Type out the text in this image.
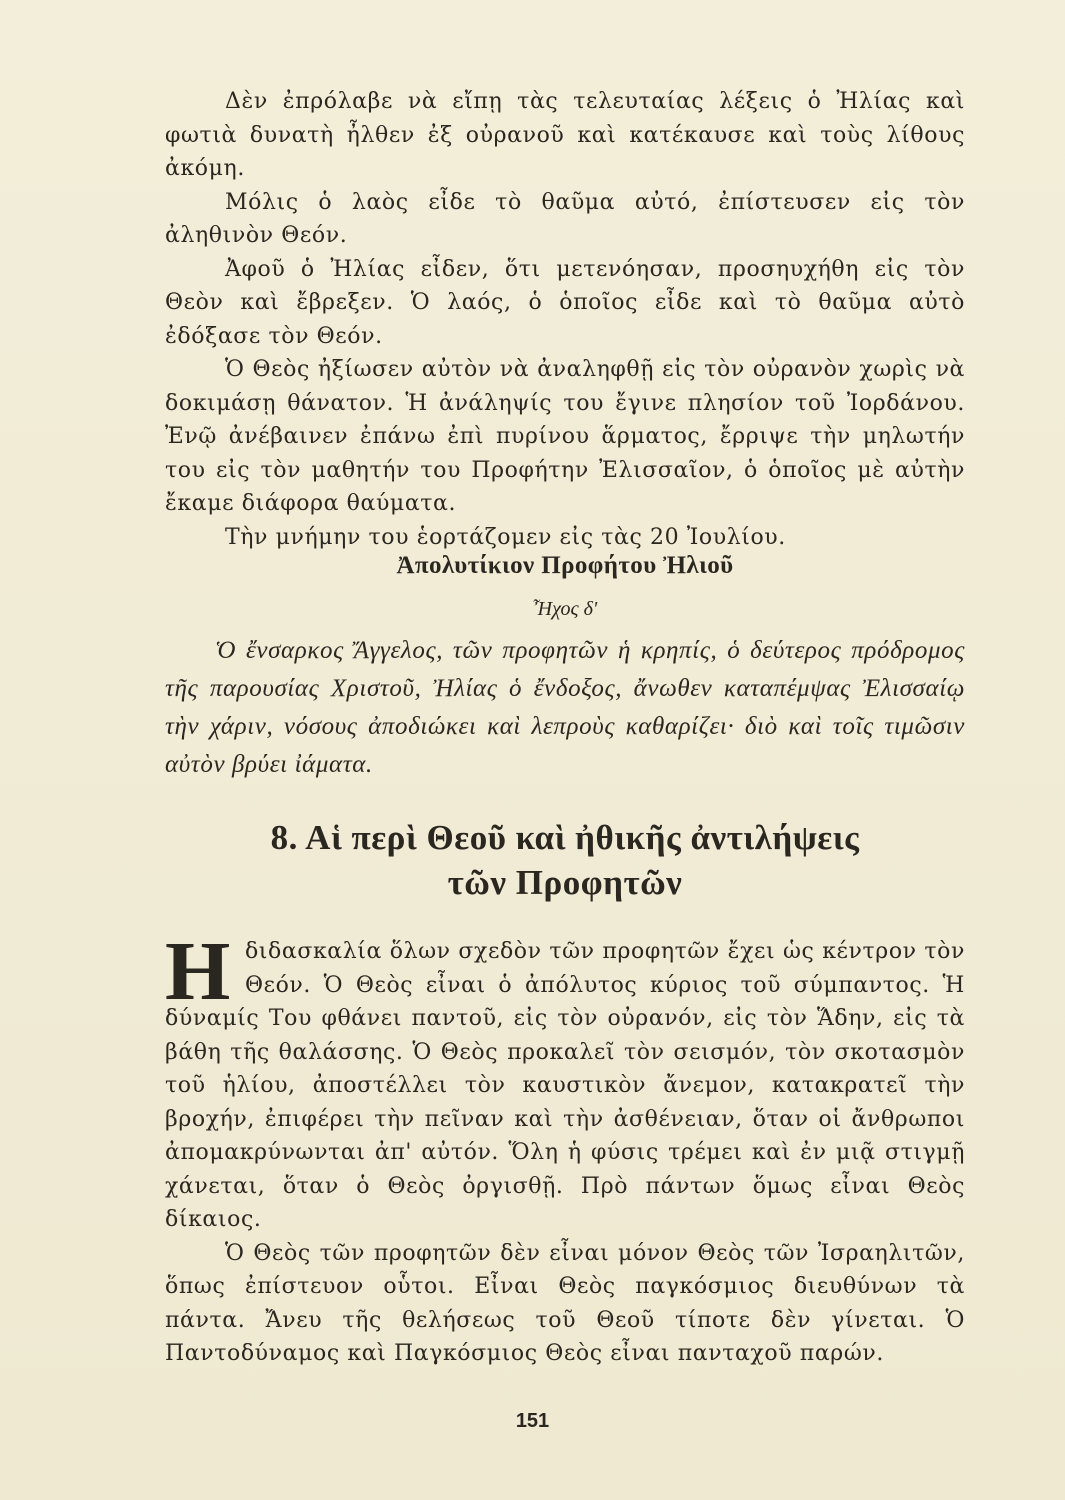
Δὲν ἐπρόλαβε νὰ εἴπῃ τὰς τελευταίας λέξεις ὁ Ἠλίας καὶ φωτιὰ δυνατὴ ἦλθεν ἐξ οὐρανοῦ καὶ κατέκαυσε καὶ τοὺς λίθους ἀκόμη.

Μόλις ὁ λαὸς εἶδε τὸ θαῦμα αὐτό, ἐπίστευσεν εἰς τὸν ἀληθινὸν Θεόν.

Ἀφοῦ ὁ Ἠλίας εἶδεν, ὅτι μετενόησαν, προσηυχήθη εἰς τὸν Θεὸν καὶ ἔβρεξεν. Ὁ λαός, ὁ ὁποῖος εἶδε καὶ τὸ θαῦμα αὐτὸ ἐδόξασε τὸν Θεόν.

Ὁ Θεὸς ἠξίωσεν αὐτὸν νὰ ἀναληφθῇ εἰς τὸν οὐρανὸν χωρὶς νὰ δοκιμάσῃ θάνατον. Ἡ ἀνάληψίς του ἔγινε πλησίον τοῦ Ἰορδάνου. Ἐνῷ ἀνέβαινεν ἐπάνω ἐπὶ πυρίνου ἅρματος, ἔρριψε τὴν μηλωτήν του εἰς τὸν μαθητήν του Προφήτην Ἐλισσαῖον, ὁ ὁποῖος μὲ αὐτὴν ἔκαμε διάφορα θαύματα.

Τὴν μνήμην του ἑορτάζομεν εἰς τὰς 20 Ἰουλίου.

Ἀπολυτίκιον Προφήτου Ἠλιοῦ
Ἦχος δ'

Ὁ ἔνσαρκος Ἄγγελος, τῶν προφητῶν ἡ κρηπίς, ὁ δεύτερος πρόδρομος τῆς παρουσίας Χριστοῦ, Ἠλίας ὁ ἔνδοξος, ἄνωθεν καταπέμψας Ἐλισσαίῳ τὴν χάριν, νόσους ἀποδιώκει καὶ λεπροὺς καθαρίζει· διὸ καὶ τοῖς τιμῶσιν αὐτὸν βρύει ἰάματα.

8. Αἱ περὶ Θεοῦ καὶ ἠθικῆς ἀντιλήψεις
τῶν Προφητῶν

Η διδασκαλία ὅλων σχεδὸν τῶν προφητῶν ἔχει ὡς κέντρον τὸν Θεόν. Ὁ Θεὸς εἶναι ὁ ἀπόλυτος κύριος τοῦ σύμπαντος. Ἡ δύναμίς Του φθάνει παντοῦ, εἰς τὸν οὐρανόν, εἰς τὸν Ἅδην, εἰς τὰ βάθη τῆς θαλάσσης. Ὁ Θεὸς προκαλεῖ τὸν σεισμόν, τὸν σκοτασμὸν τοῦ ἡλίου, ἀποστέλλει τὸν καυστικὸν ἄνεμον, κατακρατεῖ τὴν βροχήν, ἐπιφέρει τὴν πεῖναν καὶ τὴν ἀσθένειαν, ὅταν οἱ ἄνθρωποι ἀπομακρύνωνται ἀπ' αὐτόν. Ὅλη ἡ φύσις τρέμει καὶ ἐν μιᾷ στιγμῇ χάνεται, ὅταν ὁ Θεὸς ὀργισθῇ. Πρὸ πάντων ὅμως εἶναι Θεὸς δίκαιος.

Ὁ Θεὸς τῶν προφητῶν δὲν εἶναι μόνον Θεὸς τῶν Ἰσραηλιτῶν, ὅπως ἐπίστευον οὗτοι. Εἶναι Θεὸς παγκόσμιος διευθύνων τὰ πάντα. Ἄνευ τῆς θελήσεως τοῦ Θεοῦ τίποτε δὲν γίνεται. Ὁ Παντοδύναμος καὶ Παγκόσμιος Θεὸς εἶναι πανταχοῦ παρών.

151
